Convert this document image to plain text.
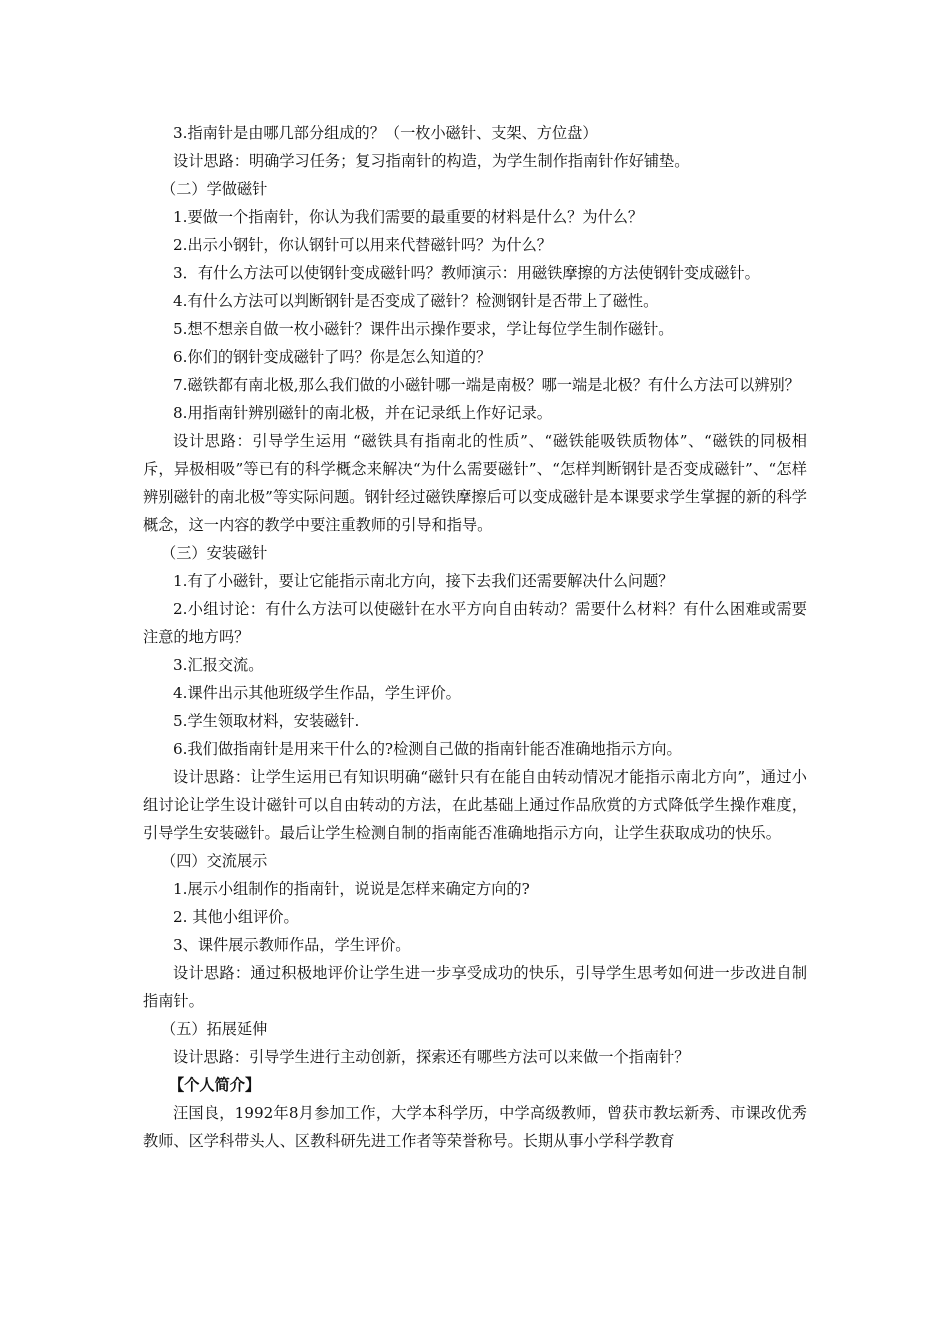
3.指南针是由哪几部分组成的？（一枚小磁针、支架、方位盘）

设计思路：明确学习任务；复习指南针的构造，为学生制作指南针作好铺垫。

（二）学做磁针

1.要做一个指南针，你认为我们需要的最重要的材料是什么？为什么？

2.出示小钢针，你认钢针可以用来代替磁针吗？为什么？

3．有什么方法可以使钢针变成磁针吗？教师演示：用磁铁摩擦的方法使钢针变成磁针。

4.有什么方法可以判断钢针是否变成了磁针？检测钢针是否带上了磁性。

5.想不想亲自做一枚小磁针？课件出示操作要求，学让每位学生制作磁针。

6.你们的钢针变成磁针了吗？你是怎么知道的？

7.磁铁都有南北极,那么我们做的小磁针哪一端是南极？哪一端是北极？有什么方法可以辨别？

8.用指南针辨别磁针的南北极，并在记录纸上作好记录。

设计思路：引导学生运用 “磁铁具有指南北的性质”、“磁铁能吸铁质物体”、“磁铁的同极相斥，异极相吸”等已有的科学概念来解决“为什么需要磁针”、“怎样判断钢针是否变成磁针”、“怎样辨别磁针的南北极”等实际问题。钢针经过磁铁摩擦后可以变成磁针是本课要求学生掌握的新的科学概念，这一内容的教学中要注重教师的引导和指导。

（三）安装磁针

1.有了小磁针，要让它能指示南北方向，接下去我们还需要解决什么问题？

2.小组讨论：有什么方法可以使磁针在水平方向自由转动？需要什么材料？有什么困难或需要注意的地方吗？

3.汇报交流。

4.课件出示其他班级学生作品，学生评价。

5.学生领取材料，安装磁针.

6.我们做指南针是用来干什么的?检测自己做的指南针能否准确地指示方向。

设计思路：让学生运用已有知识明确“磁针只有在能自由转动情况才能指示南北方向”，通过小组讨论让学生设计磁针可以自由转动的方法，在此基础上通过作品欣赏的方式降低学生操作难度，引导学生安装磁针。最后让学生检测自制的指南能否准确地指示方向，让学生获取成功的快乐。

（四）交流展示

1.展示小组制作的指南针，说说是怎样来确定方向的?

2. 其他小组评价。

3、课件展示教师作品，学生评价。

设计思路：通过积极地评价让学生进一步享受成功的快乐，引导学生思考如何进一步改进自制指南针。

（五）拓展延伸

设计思路：引导学生进行主动创新，探索还有哪些方法可以来做一个指南针？

【个人简介】

汪国良，1992年8月参加工作，大学本科学历，中学高级教师，曾获市教坛新秀、市课改优秀教师、区学科带头人、区教科研先进工作者等荣誉称号。长期从事小学科学教育
